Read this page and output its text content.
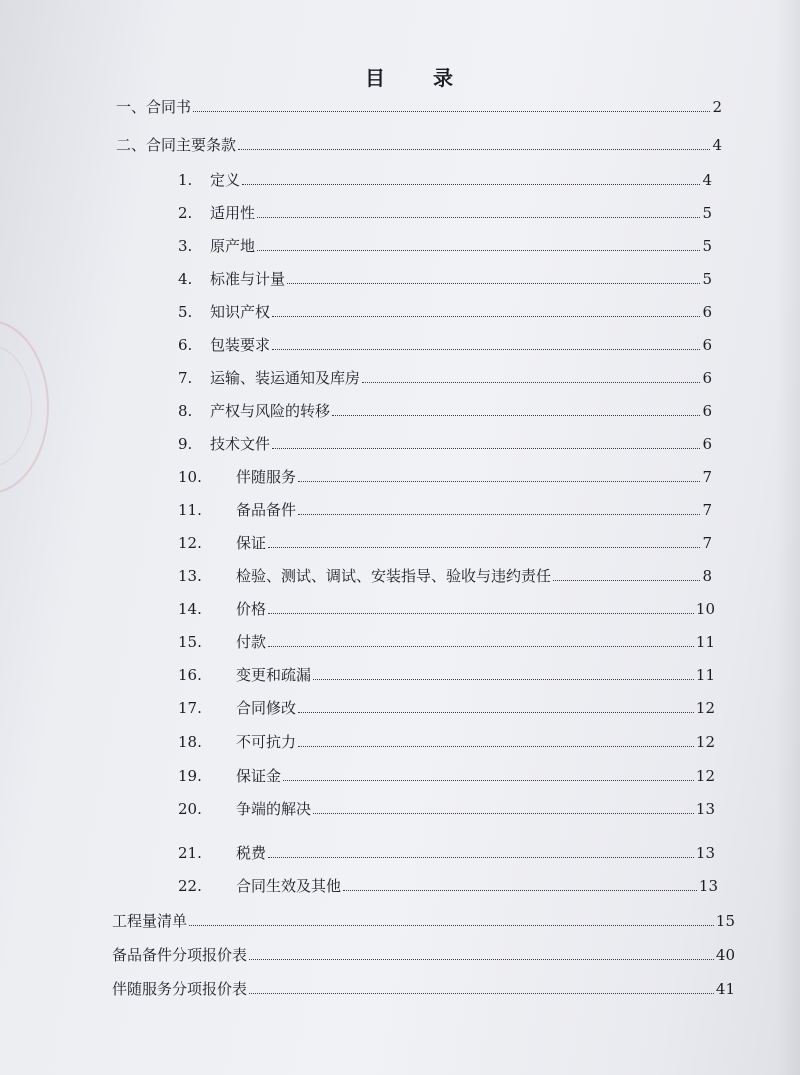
目　录
一、合同书	2
二、合同主要条款	4
1.	定义	4
2.	适用性	5
3.	原产地	5
4.	标准与计量	5
5.	知识产权	6
6.	包装要求	6
7.	运输、装运通知及库房	6
8.	产权与风险的转移	6
9.	技术文件	6
10.	伴随服务	7
11.	备品备件	7
12.	保证	7
13.	检验、测试、调试、安装指导、验收与违约责任	8
14.	价格	10
15.	付款	11
16.	变更和疏漏	11
17.	合同修改	12
18.	不可抗力	12
19.	保证金	12
20.	争端的解决	13
21.	税费	13
22.	合同生效及其他	13
工程量清单	15
备品备件分项报价表	40
伴随服务分项报价表	41
